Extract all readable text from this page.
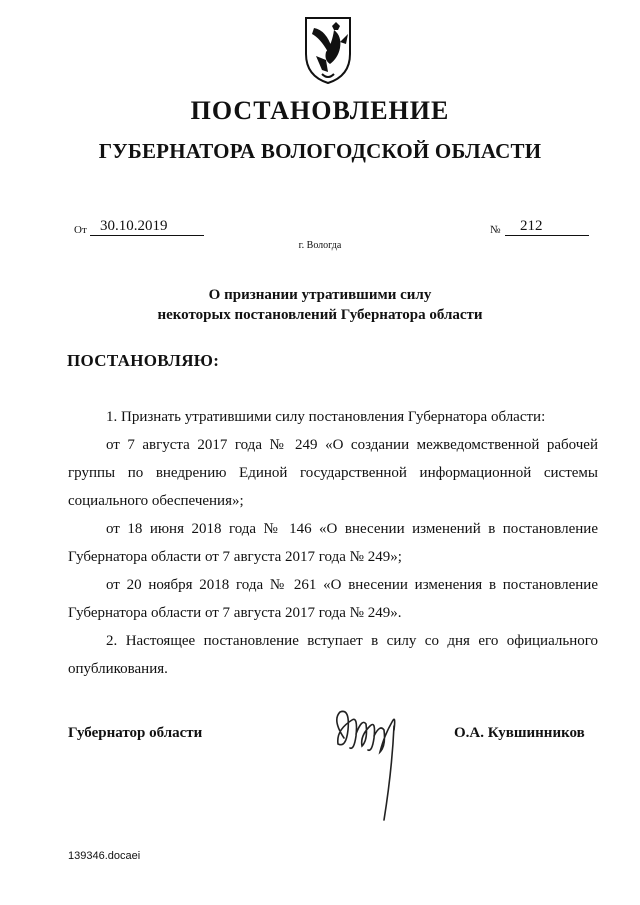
ПОСТАНОВЛЕНИЕ
ГУБЕРНАТОРА ВОЛОГОДСКОЙ ОБЛАСТИ
От 30.10.2019	№ 212
г. Вологда
О признании утратившими силу
некоторых постановлений Губернатора области
ПОСТАНОВЛЯЮ:

1. Признать утратившими силу постановления Губернатора области:

от 7 августа 2017 года № 249 «О создании межведомственной рабочей группы по внедрению Единой государственной информационной системы социального обеспечения»;

от 18 июня 2018 года № 146 «О внесении изменений в постановление Губернатора области от 7 августа 2017 года № 249»;

от 20 ноября 2018 года № 261 «О внесении изменения в постановление Губернатора области от 7 августа 2017 года № 249».

2. Настоящее постановление вступает в силу со дня его официального опубликования.

Губернатор области	О.А. Кувшинников
139346.docaei
